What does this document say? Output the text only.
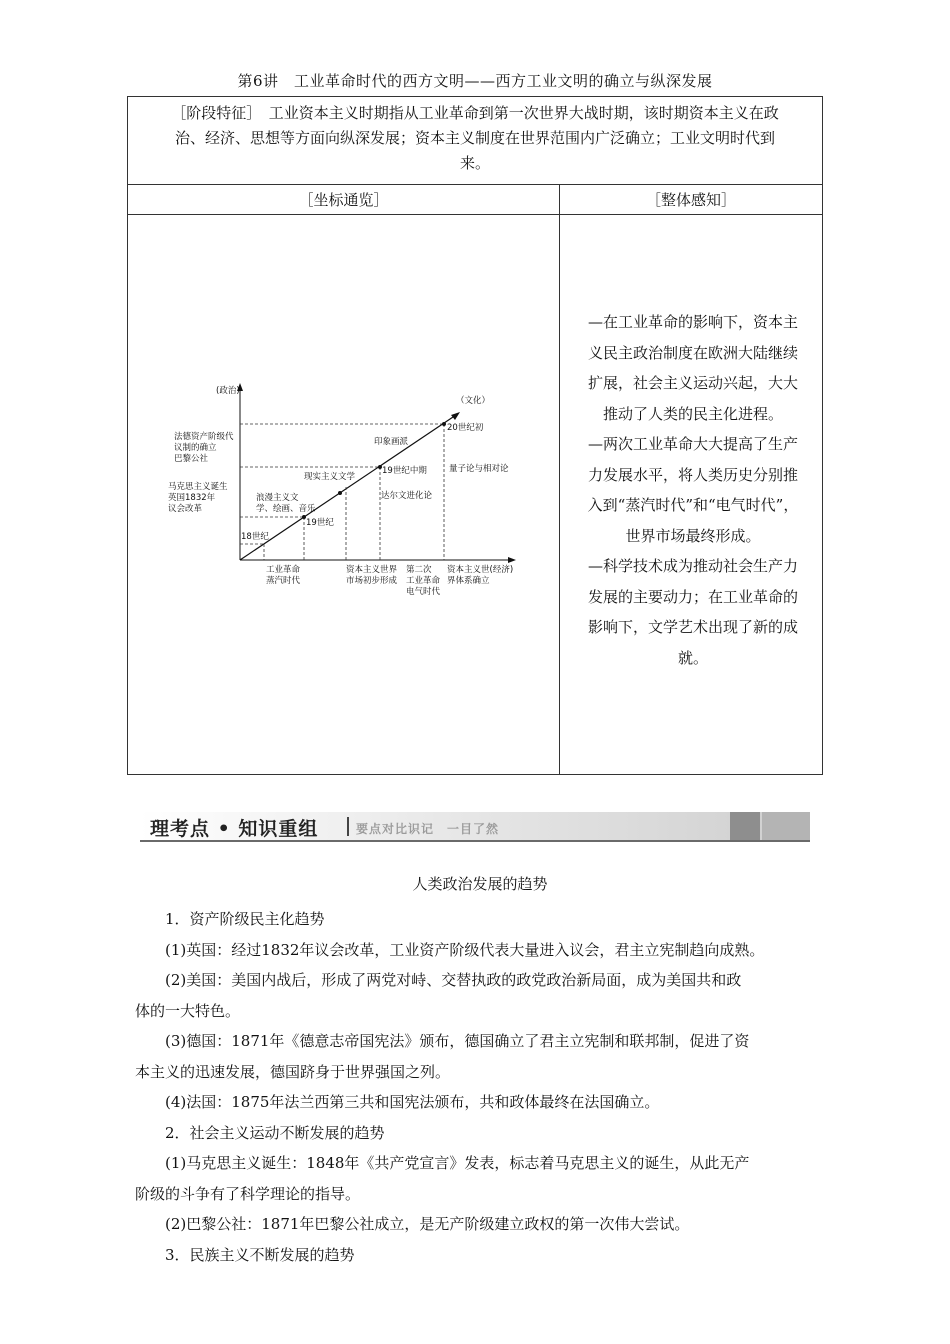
第6讲　工业革命时代的西方文明——西方工业文明的确立与纵深发展
［阶段特征］　工业资本主义时期指从工业革命到第一次世界大战时期，该时期资本主义在政
治、经济、思想等方面向纵深发展；资本主义制度在世界范围内广泛确立；工业文明时代到
来。
［坐标通览］	［整体感知］
(政治)
（文化）
法德资产阶级代
议制的确立
巴黎公社
马克思主义诞生
英国1832年
议会改革
18世纪
19世纪
19世纪中期
20世纪初
浪漫主义文
学、绘画、音乐
现实主义文学
印象画派
达尔文进化论
量子论与相对论
工业革命
蒸汽时代
资本主义世界
市场初步形成
第二次
工业革命
电气时代
资本主义世(经济)
界体系确立

—在工业革命的影响下，资本主

义民主政治制度在欧洲大陆继续

扩展，社会主义运动兴起，大大

推动了人类的民主化进程。

—两次工业革命大大提高了生产

力发展水平，将人类历史分别推

入到“蒸汽时代”和“电气时代”，

世界市场最终形成。

—科学技术成为推动社会生产力

发展的主要动力；在工业革命的

影响下，文学艺术出现了新的成

就。

理考点 • 知识重组	要点对比识记　一目了然
人类政治发展的趋势

1．资产阶级民主化趋势

(1)英国：经过1832年议会改革，工业资产阶级代表大量进入议会，君主立宪制趋向成熟。

(2)美国：美国内战后，形成了两党对峙、交替执政的政党政治新局面，成为美国共和政

体的一大特色。

(3)德国：1871年《德意志帝国宪法》颁布，德国确立了君主立宪制和联邦制，促进了资

本主义的迅速发展，德国跻身于世界强国之列。

(4)法国：1875年法兰西第三共和国宪法颁布，共和政体最终在法国确立。

2．社会主义运动不断发展的趋势

(1)马克思主义诞生：1848年《共产党宣言》发表，标志着马克思主义的诞生，从此无产

阶级的斗争有了科学理论的指导。

(2)巴黎公社：1871年巴黎公社成立，是无产阶级建立政权的第一次伟大尝试。

3．民族主义不断发展的趋势
